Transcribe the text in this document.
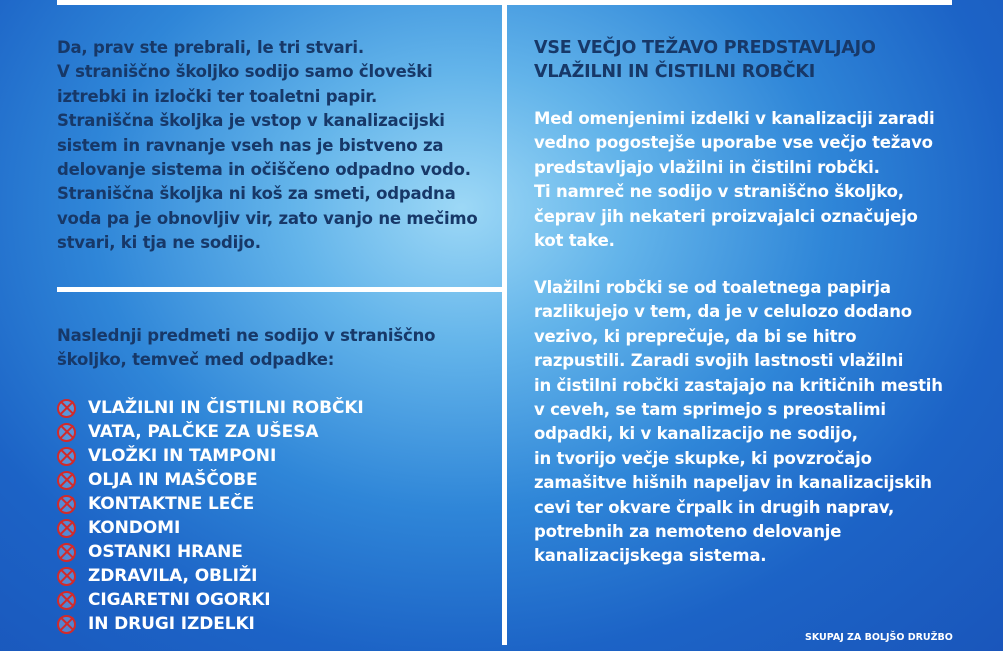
Da, prav ste prebrali, le tri stvari.
V straniščno školjko sodijo samo človeški
iztrebki in izločki ter toaletni papir.
Straniščna školjka je vstop v kanalizacijski
sistem in ravnanje vseh nas je bistveno za
delovanje sistema in očiščeno odpadno vodo.
Straniščna školjka ni koš za smeti, odpadna
voda pa je obnovljiv vir, zato vanjo ne mečimo
stvari, ki tja ne sodijo.

Naslednji predmeti ne sodijo v straniščno
školjko, temveč med odpadke:

VLAŽILNI IN ČISTILNI ROBČKI
VATA, PALČKE ZA UŠESA
VLOŽKI IN TAMPONI
OLJA IN MAŠČOBE
KONTAKTNE LEČE
KONDOMI
OSTANKI HRANE
ZDRAVILA, OBLIŽI
CIGARETNI OGORKI
IN DRUGI IZDELKI

VSE VEČJO TEŽAVO PREDSTAVLJAJO
VLAŽILNI IN ČISTILNI ROBČKI

Med omenjenimi izdelki v kanalizaciji zaradi
vedno pogostejše uporabe vse večjo težavo
predstavljajo vlažilni in čistilni robčki.
Ti namreč ne sodijo v straniščno školjko,
čeprav jih nekateri proizvajalci označujejo
kot take.

Vlažilni robčki se od toaletnega papirja
razlikujejo v tem, da je v celulozo dodano
vezivo, ki preprečuje, da bi se hitro
razpustili. Zaradi svojih lastnosti vlažilni
in čistilni robčki zastajajo na kritičnih mestih
v ceveh, se tam sprimejo s preostalimi
odpadki, ki v kanalizacijo ne sodijo,
in tvorijo večje skupke, ki povzročajo
zamašitve hišnih napeljav in kanalizacijskih
cevi ter okvare črpalk in drugih naprav,
potrebnih za nemoteno delovanje
kanalizacijskega sistema.

SKUPAJ ZA BOLJŠO DRUŽBO
